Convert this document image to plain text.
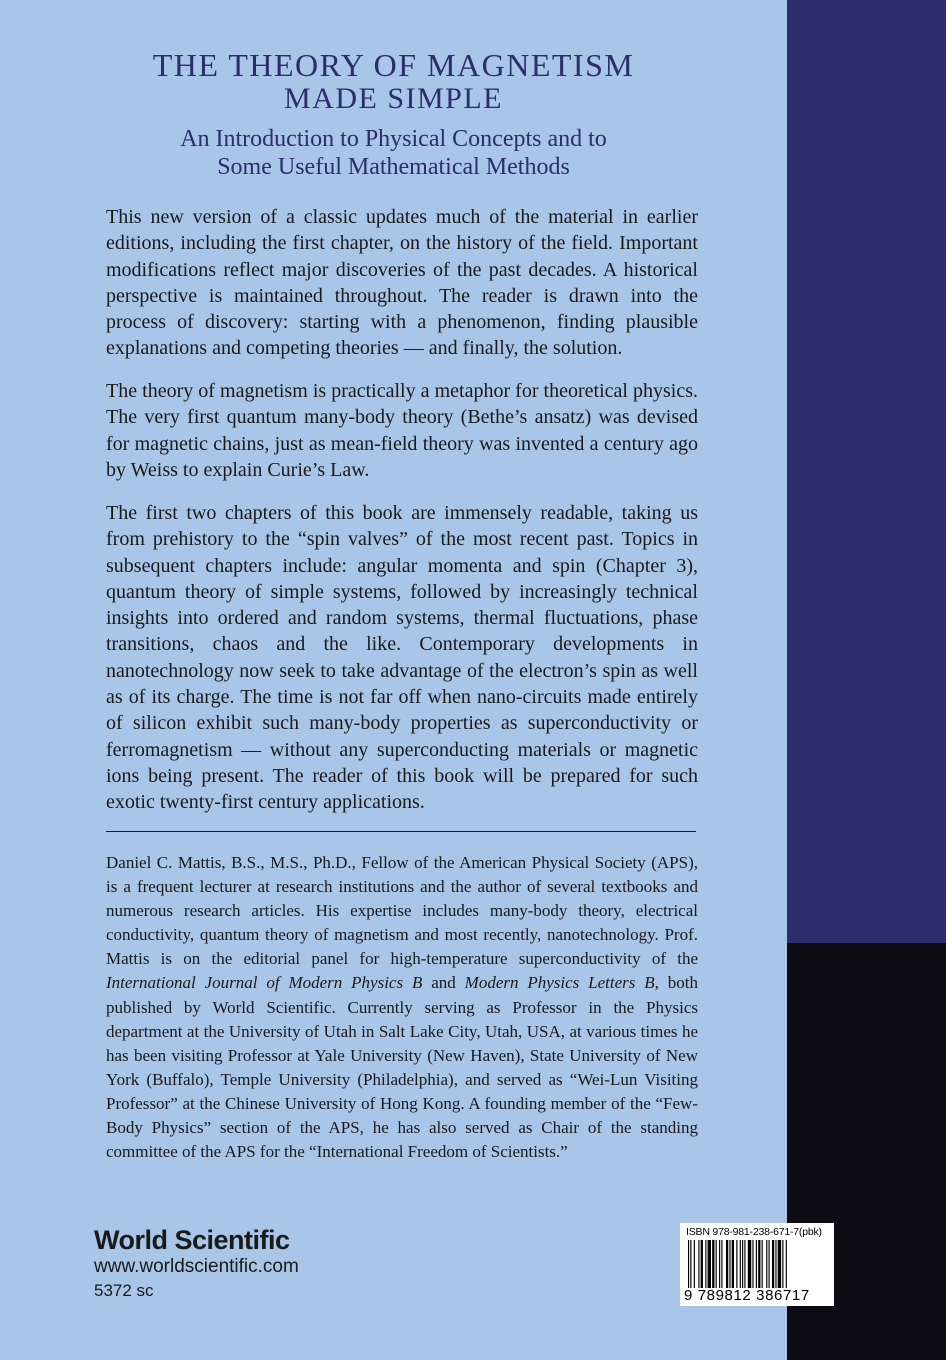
THE THEORY OF MAGNETISM
MADE SIMPLE
An Introduction to Physical Concepts and to
Some Useful Mathematical Methods
This new version of a classic updates much of the material in earlier editions, including the first chapter, on the history of the field. Important modifications reflect major discoveries of the past decades. A historical perspective is maintained throughout. The reader is drawn into the process of discovery: starting with a phenomenon, finding plausible explanations and competing theories — and finally, the solution.
The theory of magnetism is practically a metaphor for theoretical physics. The very first quantum many-body theory (Bethe’s ansatz) was devised for magnetic chains, just as mean-field theory was invented a century ago by Weiss to explain Curie’s Law.
The first two chapters of this book are immensely readable, taking us from prehistory to the “spin valves” of the most recent past. Topics in subsequent chapters include: angular momenta and spin (Chapter 3), quantum theory of simple systems, followed by increasingly technical insights into ordered and random systems, thermal fluctuations, phase transitions, chaos and the like. Contemporary developments in nanotechnology now seek to take advantage of the electron’s spin as well as of its charge. The time is not far off when nano-circuits made entirely of silicon exhibit such many-body properties as superconductivity or ferromagnetism — without any superconducting materials or magnetic ions being present. The reader of this book will be prepared for such exotic twenty-first century applications.
Daniel C. Mattis, B.S., M.S., Ph.D., Fellow of the American Physical Society (APS), is a frequent lecturer at research institutions and the author of several textbooks and numerous research articles. His expertise includes many-body theory, electrical conductivity, quantum theory of magnetism and most recently, nanotechnology. Prof. Mattis is on the editorial panel for high-temperature superconductivity of the International Journal of Modern Physics B and Modern Physics Letters B, both published by World Scientific. Currently serving as Professor in the Physics department at the University of Utah in Salt Lake City, Utah, USA, at various times he has been visiting Professor at Yale University (New Haven), State University of New York (Buffalo), Temple University (Philadelphia), and served as “Wei-Lun Visiting Professor” at the Chinese University of Hong Kong. A founding member of the “Few-Body Physics” section of the APS, he has also served as Chair of the standing committee of the APS for the “International Freedom of Scientists.”
World Scientific
www.worldscientific.com
5372 sc
ISBN 978-981-238-671-7(pbk)
9 789812 386717
